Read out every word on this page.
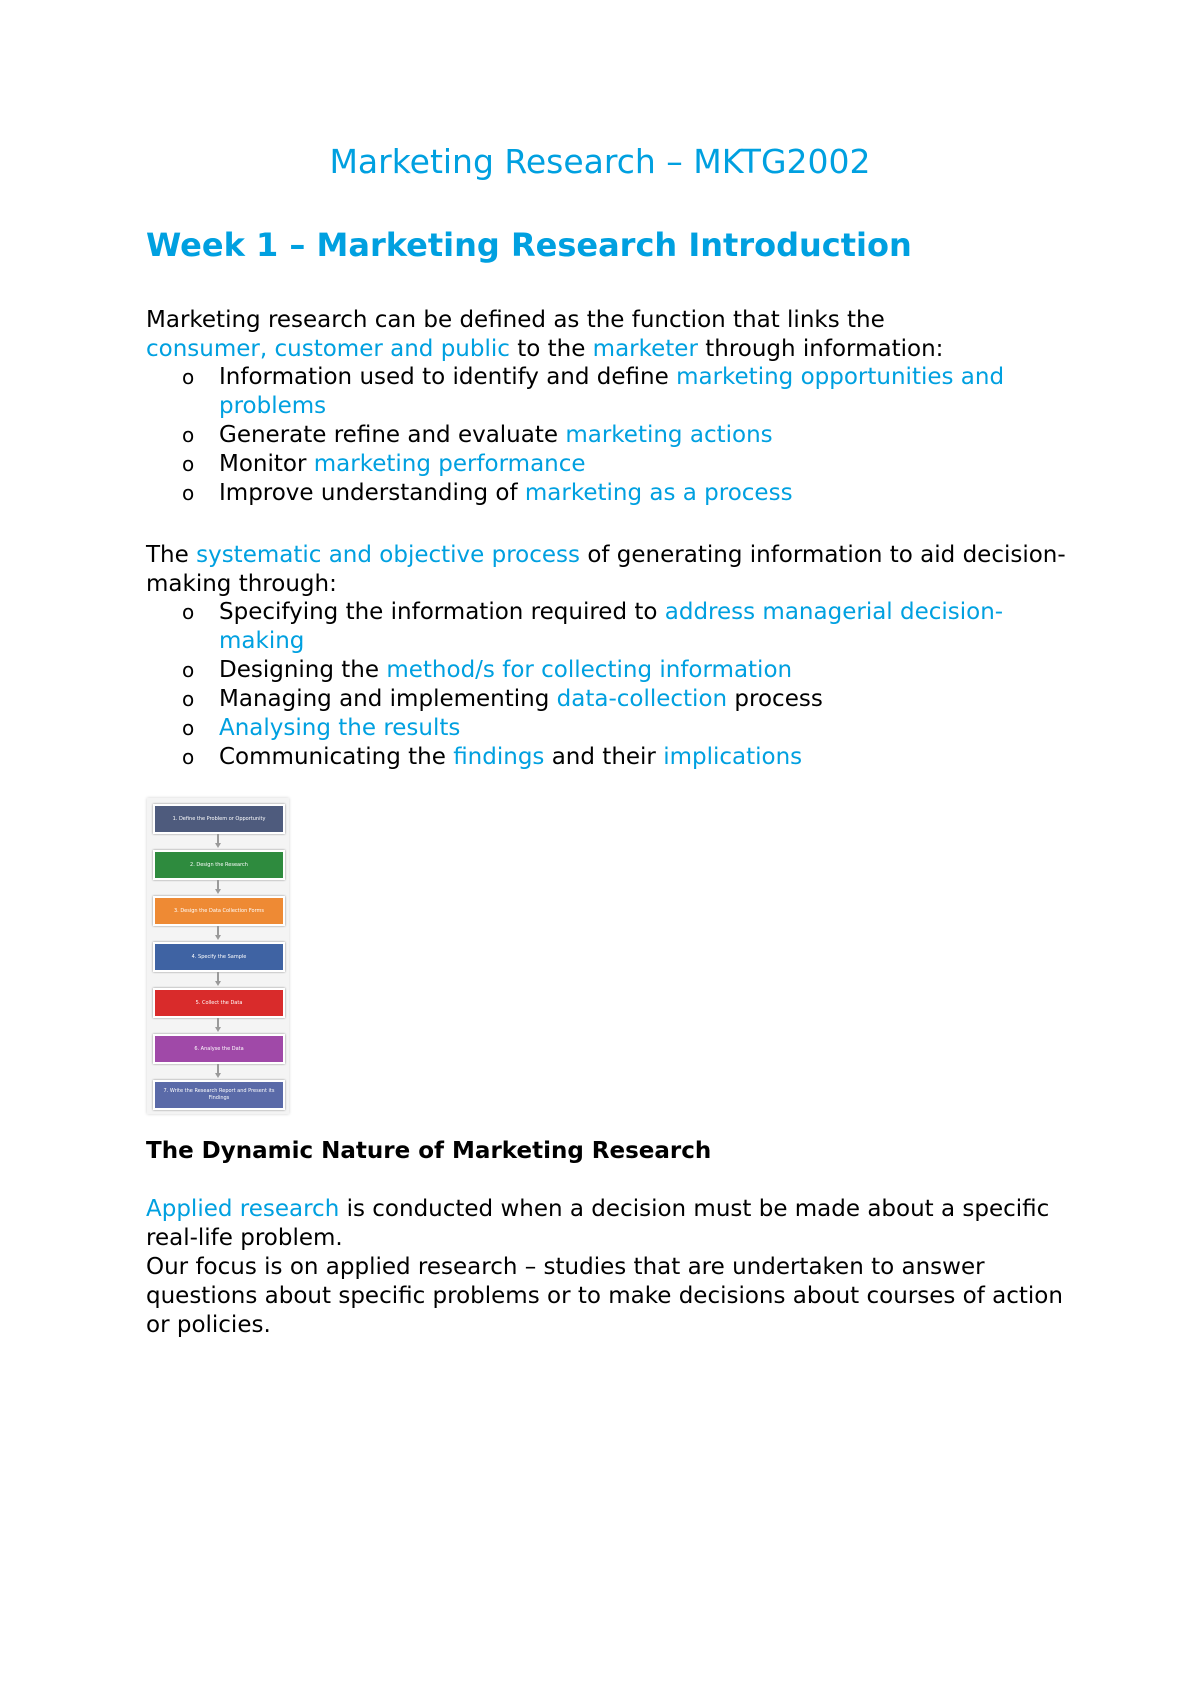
Marketing Research – MKTG2002
Week 1 – Marketing Research Introduction

Marketing research can be defined as the function that links the
consumer, customer and public to the marketer through information:

o Information used to identify and define marketing opportunities and problems
o Generate refine and evaluate marketing actions
o Monitor marketing performance
o Improve understanding of marketing as a process

The systematic and objective process of generating information to aid decision-making through:

o Specifying the information required to address managerial decision-making
o Designing the method/s for collecting information
o Managing and implementing data-collection process
o Analysing the results
o Communicating the findings and their implications
1. Define the Problem or Opportunity
2. Design the Research
3. Design the Data Collection Forms
4. Specify the Sample
5. Collect the Data
6. Analyse the Data
7. Write the Research Report and Present its Findings
The Dynamic Nature of Marketing Research

Applied research is conducted when a decision must be made about a specific real-life problem.
Our focus is on applied research – studies that are undertaken to answer questions about specific problems or to make decisions about courses of action or policies.
